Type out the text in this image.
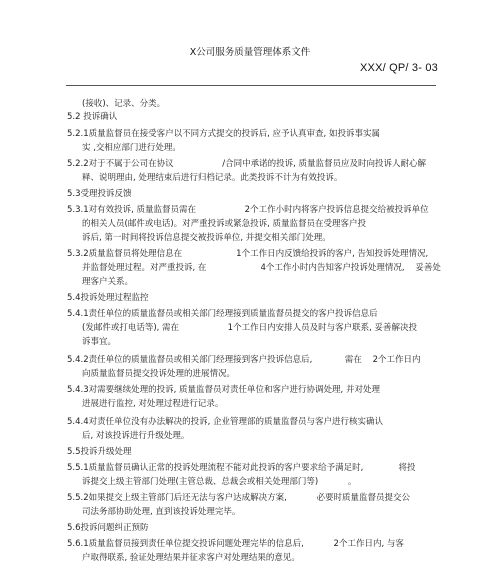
X公司服务质量管理体系文件
XXX/ QP/ 3- 03
(接收)、记录、分类。
5.2 投诉确认
5.2.1质量监督员在接受客户以不同方式提交的投诉后, 应予认真审查, 如投诉事实属
实 ,交相应部门进行处理。
5.2.2对于不属于公司在协议                  /合同中承诺的投诉, 质量监督员应及时向投诉人耐心解
释、说明理由, 处理结束后进行归档记录。此类投诉不计为有效投诉。
5.3受理投诉反馈
5.3.1对有效投诉, 质量监督员需在                  2个工作小时内将客户投诉信息提交给被投诉单位
的相关人员(邮件或电话)。对严重投诉或紧急投诉, 质量监督员在受理客户投
诉后, 第一时间将投诉信息提交被投诉单位, 并提交相关部门处理。
5.3.2质量监督员将处理信息在                    1个工作日内反馈给投诉的客户, 告知投诉处理情况,
并监督处理过程。对严重投诉, 在                    4个工作小时内告知客户投诉处理情况,    妥善处
理客户关系。
5.4投诉处理过程监控
5.4.1责任单位的质量监督员或相关部门经理接到质量监督员提交的客户投诉信息后
(发邮件或打电话等), 需在                  1个工作日内安排人员及时与客户联系, 妥善解决投
诉事宜。
5.4.2责任单位的质量监督员或相关部门经理接到客户投诉信息后,            需在    2个工作日内
向质量监督员提交投诉处理的进展情况。
5.4.3对需要继续处理的投诉, 质量监督员对责任单位和客户进行协调处理, 并对处理
进展进行监控, 对处理过程进行记录。
5.4.4对责任单位没有办法解决的投诉, 企业管理部的质量监督员与客户进行核实确认
后, 对该投诉进行升级处理。
5.5投诉升级处理
5.5.1质量监督员确认正常的投诉处理流程不能对此投诉的客户要求给予满足时,             将投
诉提交上级主管部门处理(主管总裁、总裁会或相关处理部门等)           。
5.5.2如果提交上级主管部门后还无法与客户达成解决方案,           必要时质量监督员提交公
司法务部协助处理, 直到该投诉处理完毕。
5.6投诉问题纠正预防
5.6.1质量监督员接到责任单位提交投诉问题处理完毕的信息后,           2个工作日内, 与客
户取得联系, 验证处理结果并征求客户对处理结果的意见。
